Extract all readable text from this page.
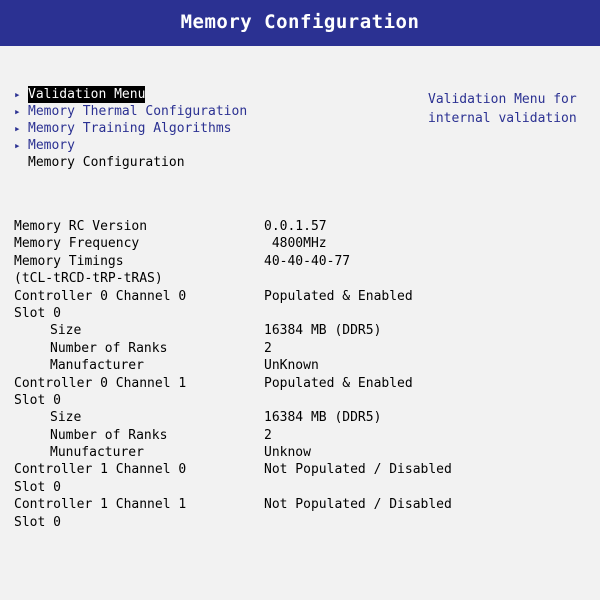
Memory Configuration
▸ Validation Menu
▸ Memory Thermal Configuration
▸ Memory Training Algorithms
▸ Memory

Memory Configuration
Validation Menu for internal validation
Memory RC Version	0.0.1.57
Memory Frequency	4800MHz
Memory Timings	40-40-40-77
(tCL-tRCD-tRP-tRAS)
Controller 0 Channel 0	Populated & Enabled
Slot 0
Size	16384 MB (DDR5)
Number of Ranks	2
Manufacturer	UnKnown
Controller 0 Channel 1	Populated & Enabled
Slot 0
Size	16384 MB (DDR5)
Number of Ranks	2
Munufacturer	Unknow
Controller 1 Channel 0	Not Populated / Disabled
Slot 0
Controller 1 Channel 1	Not Populated / Disabled
Slot 0
